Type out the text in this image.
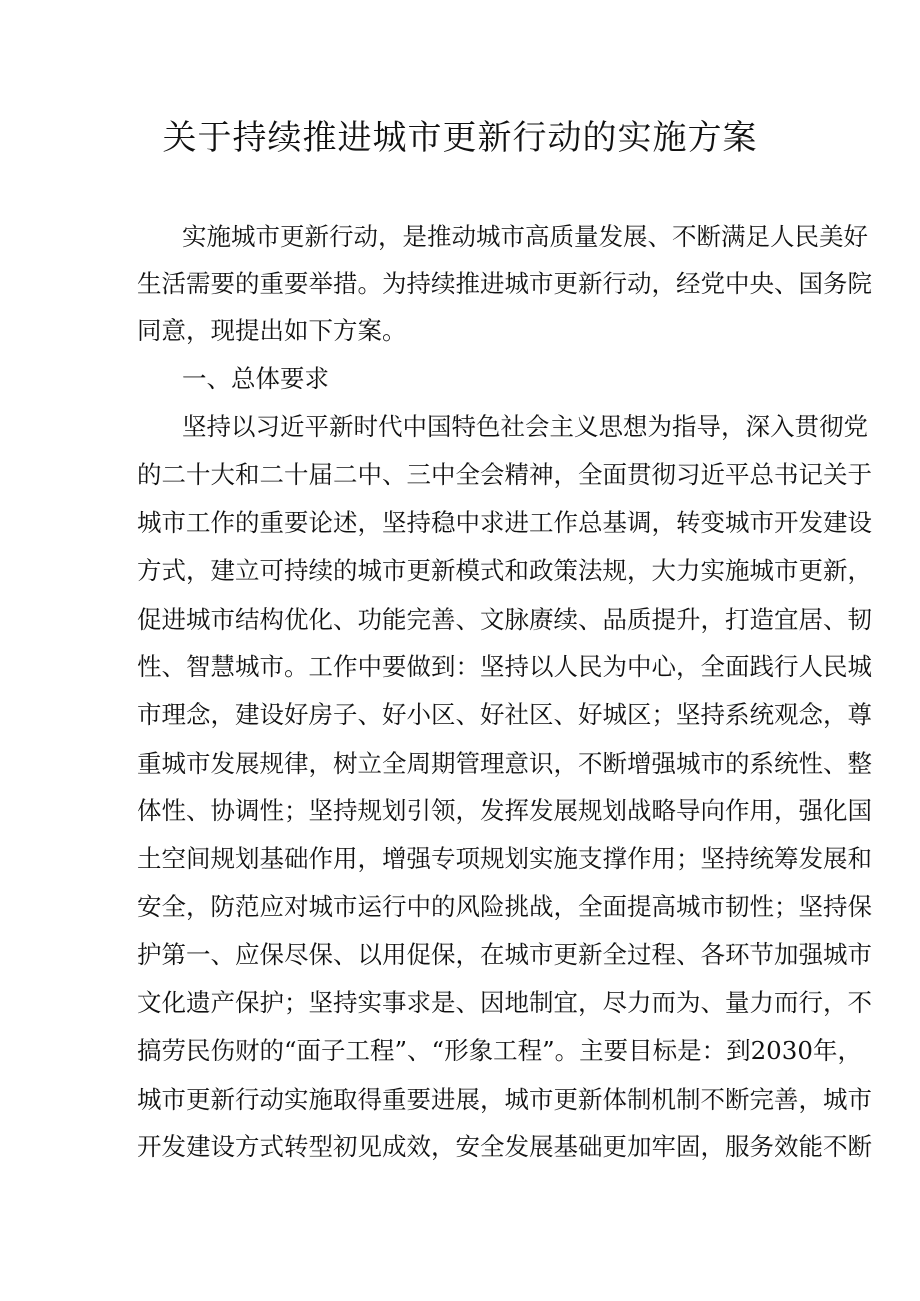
关于持续推进城市更新行动的实施方案

实施城市更新行动，是推动城市高质量发展、不断满足人民美好

生活需要的重要举措。为持续推进城市更新行动，经党中央、国务院

同意，现提出如下方案。

一、总体要求

坚持以习近平新时代中国特色社会主义思想为指导，深入贯彻党

的二十大和二十届二中、三中全会精神，全面贯彻习近平总书记关于

城市工作的重要论述，坚持稳中求进工作总基调，转变城市开发建设

方式，建立可持续的城市更新模式和政策法规，大力实施城市更新，

促进城市结构优化、功能完善、文脉赓续、品质提升，打造宜居、韧

性、智慧城市。工作中要做到：坚持以人民为中心，全面践行人民城

市理念，建设好房子、好小区、好社区、好城区；坚持系统观念，尊

重城市发展规律，树立全周期管理意识，不断增强城市的系统性、整

体性、协调性；坚持规划引领，发挥发展规划战略导向作用，强化国

土空间规划基础作用，增强专项规划实施支撑作用；坚持统筹发展和

安全，防范应对城市运行中的风险挑战，全面提高城市韧性；坚持保

护第一、应保尽保、以用促保，在城市更新全过程、各环节加强城市

文化遗产保护；坚持实事求是、因地制宜，尽力而为、量力而行，不

搞劳民伤财的“面子工程”、“形象工程”。主要目标是：到2030年，

城市更新行动实施取得重要进展，城市更新体制机制不断完善，城市

开发建设方式转型初见成效，安全发展基础更加牢固，服务效能不断
